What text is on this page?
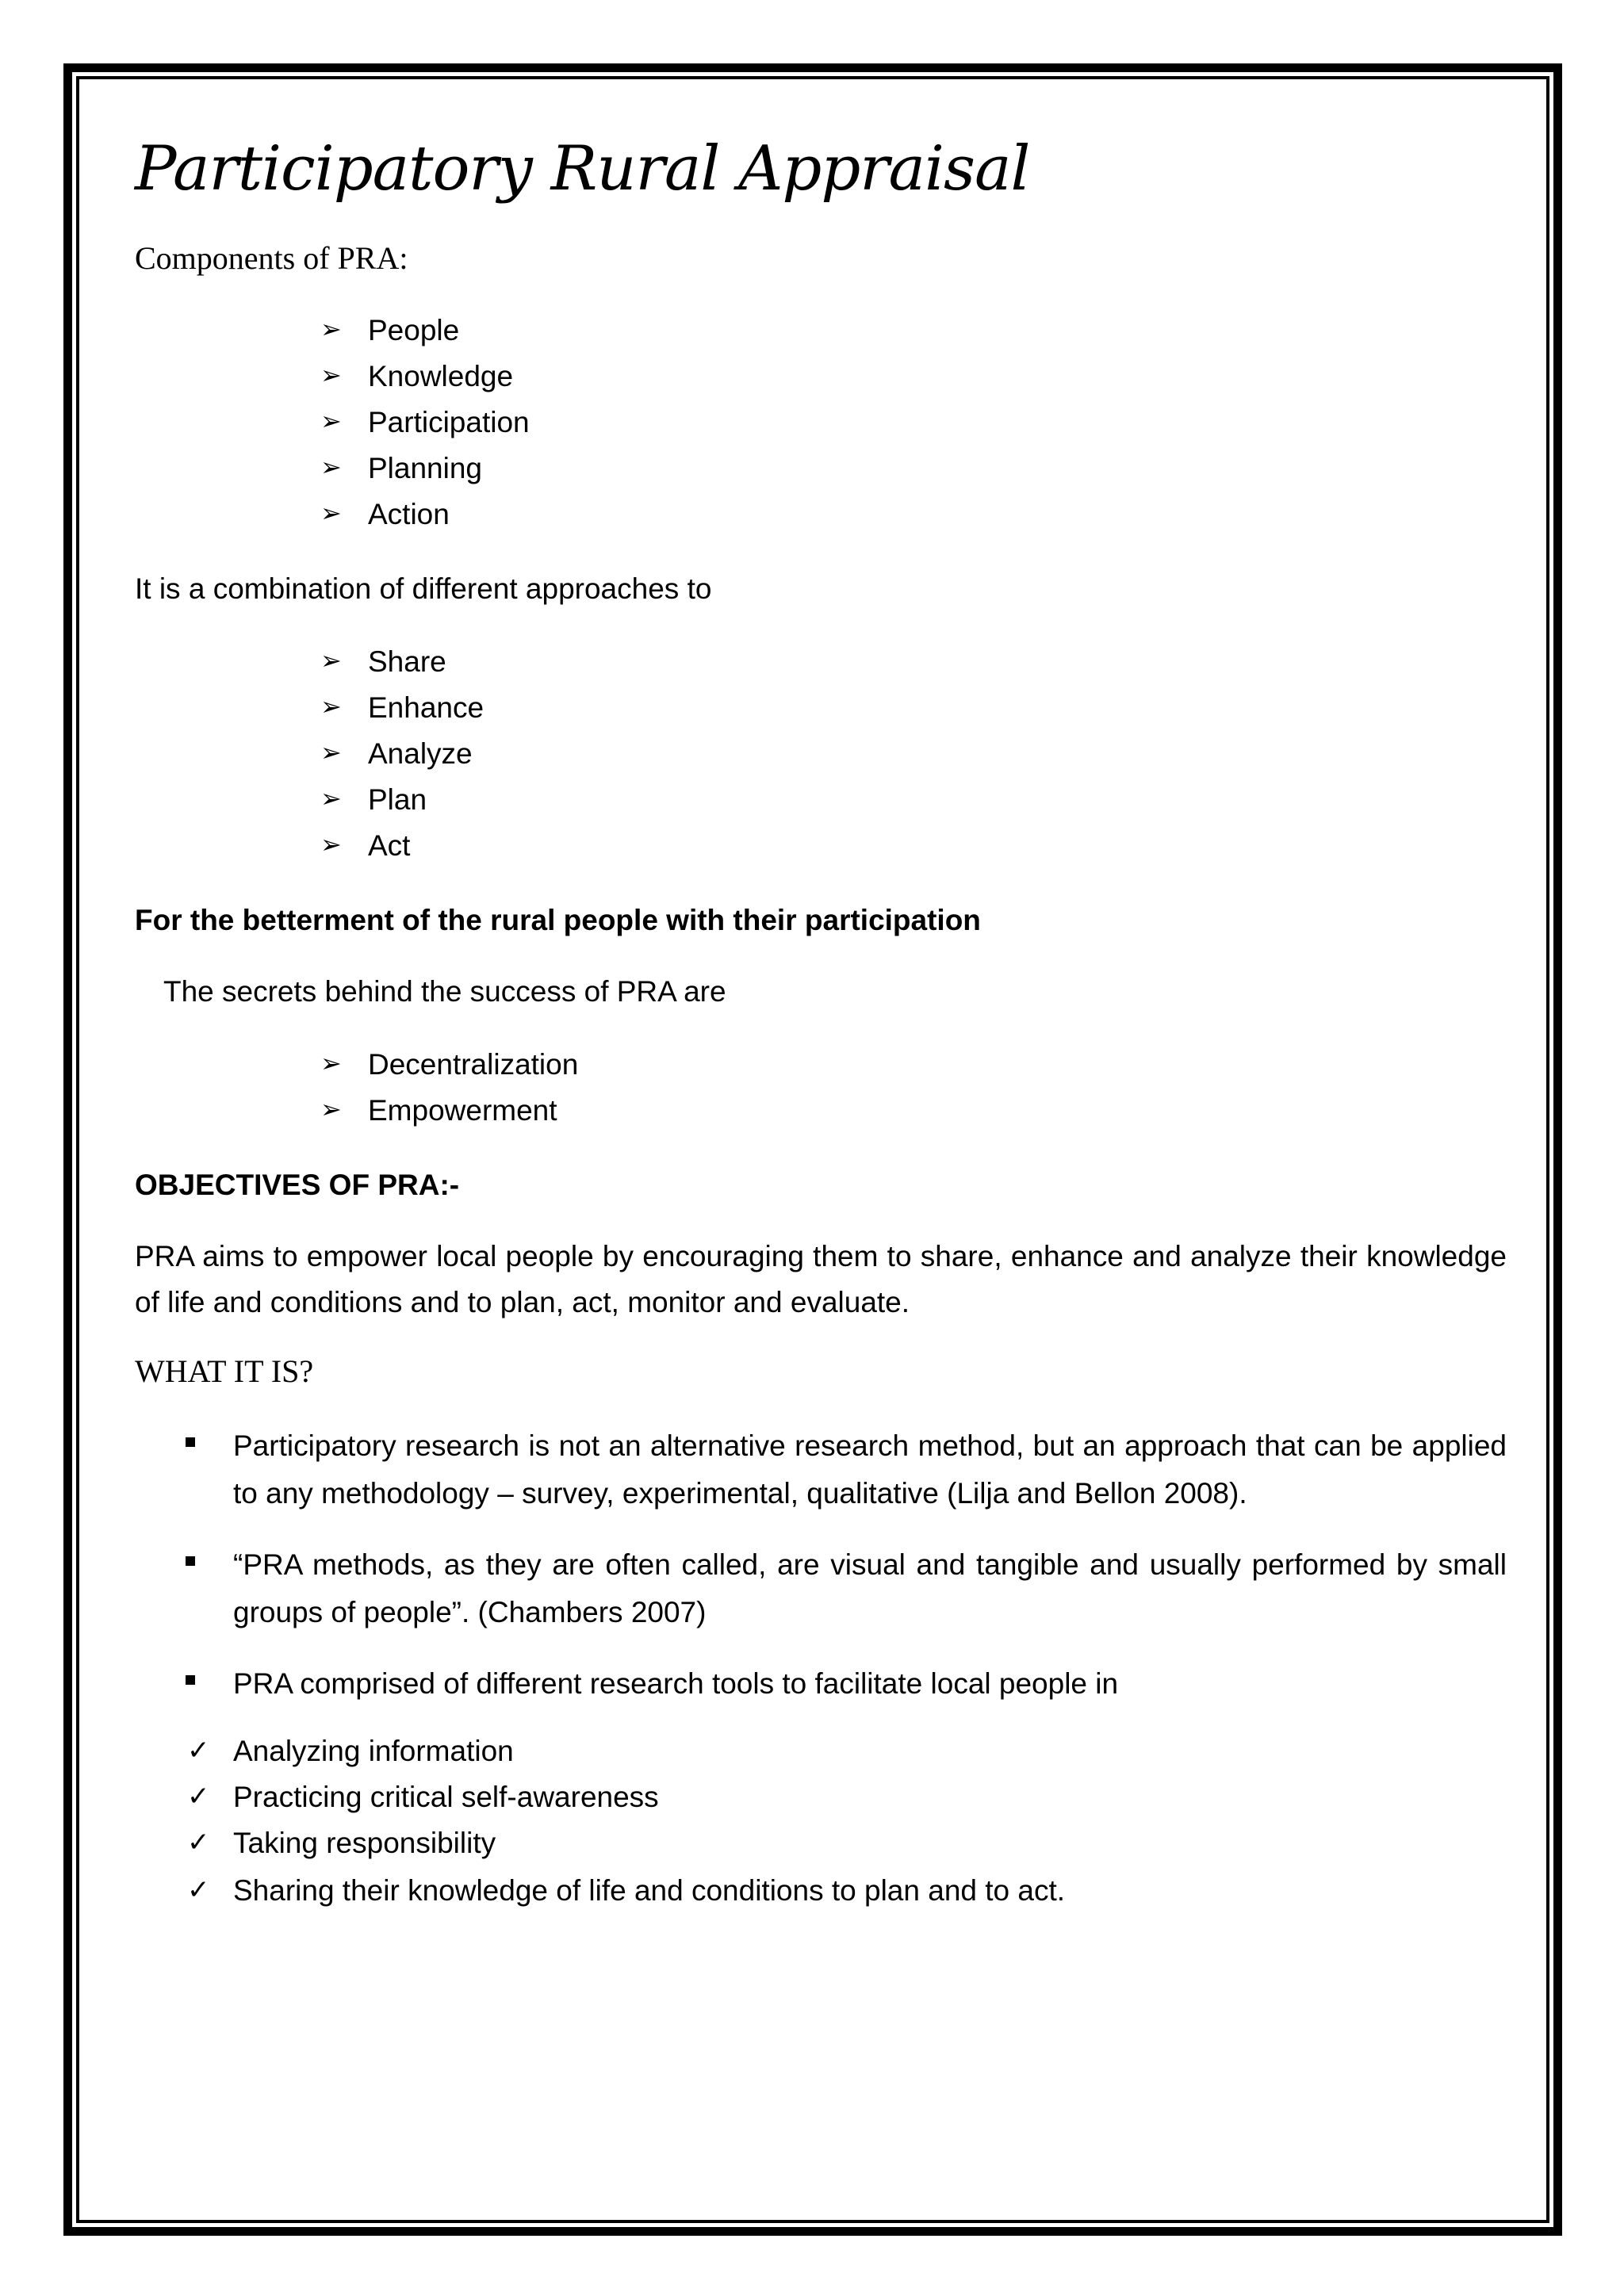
Participatory Rural Appraisal
Components of PRA:
➢ People
➢ Knowledge
➢ Participation
➢ Planning
➢ Action
It is a combination of different approaches to
➢ Share
➢ Enhance
➢ Analyze
➢ Plan
➢ Act
For the betterment of the rural people with their participation
The secrets behind the success of PRA are
➢ Decentralization
➢ Empowerment
OBJECTIVES OF PRA:-
PRA aims to empower local people by encouraging them to share, enhance and analyze their knowledge of life and conditions and to plan, act, monitor and evaluate.
WHAT IT IS?
Participatory research is not an alternative research method, but an approach that can be applied to any methodology – survey, experimental, qualitative (Lilja and Bellon 2008).
“PRA methods, as they are often called, are visual and tangible and usually performed by small groups of people”. (Chambers 2007)
PRA comprised of different research tools to facilitate local people in
✓ Analyzing information
✓ Practicing critical self-awareness
✓ Taking responsibility
✓ Sharing their knowledge of life and conditions to plan and to act.
